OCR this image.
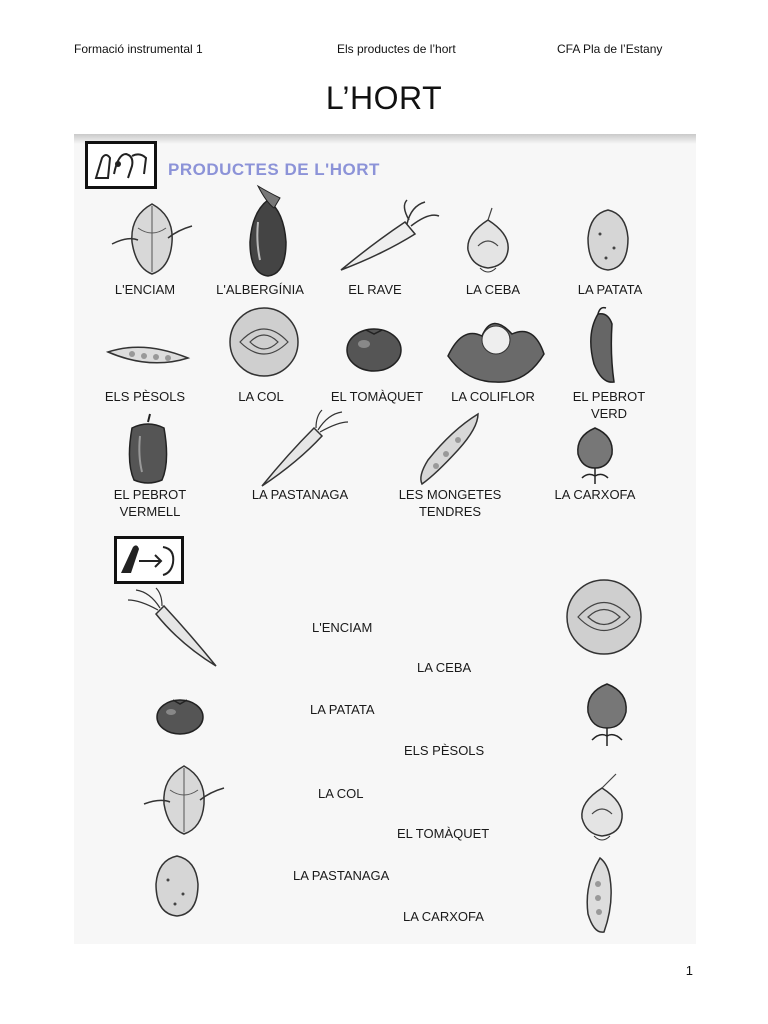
Formació instrumental 1	Els productes de l’hort	CFA Pla de l’Estany
L’HORT
PRODUCTES DE L'HORT
L'ENCIAM	L'ALBERGÍNIA	EL RAVE	LA CEBA	LA PATATA
ELS PÈSOLS	LA COL	EL TOMÀQUET	LA COLIFLOR	EL PEBROT
VERD
EL PEBROT
VERMELL
LA PASTANAGA	LES MONGETES
TENDRES
LA CARXOFA
L'ENCIAM
LA CEBA
LA PATATA
ELS PÈSOLS
LA COL
EL TOMÀQUET
LA PASTANAGA
LA CARXOFA
1
